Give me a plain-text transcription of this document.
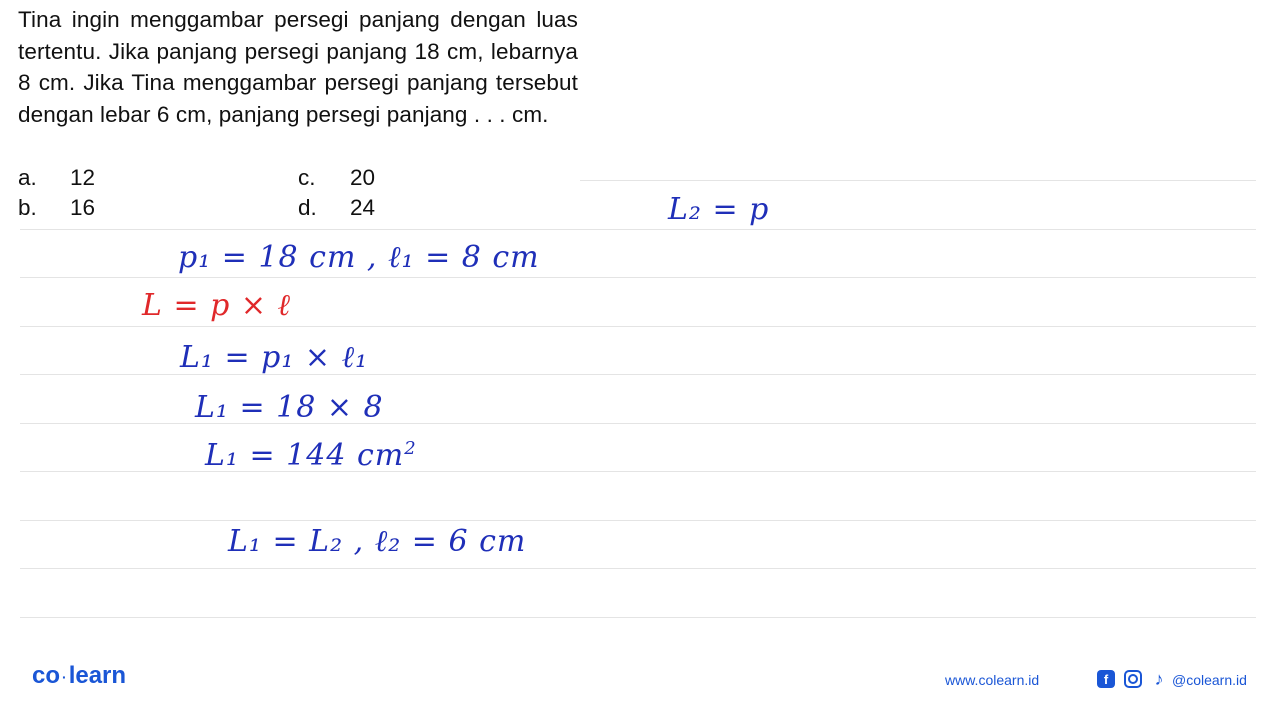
Tina ingin menggambar persegi panjang dengan luas tertentu. Jika panjang persegi panjang 18 cm, lebarnya 8 cm. Jika Tina menggambar persegi panjang tersebut dengan lebar 6 cm, panjang persegi panjang . . . cm.
a. 12
b. 16
c. 20
d. 24
p₁ = 18 cm , ℓ₁ = 8 cm
L = p × ℓ
L₁ = p₁ × ℓ₁
L₁ = 18 × 8
L₁ = 144 $cm^2$
L₁ = L₂ , ℓ₂ = 6 cm
L₂ = p
co ·learn	www.colearn.id	f	♪ @colearn.id
